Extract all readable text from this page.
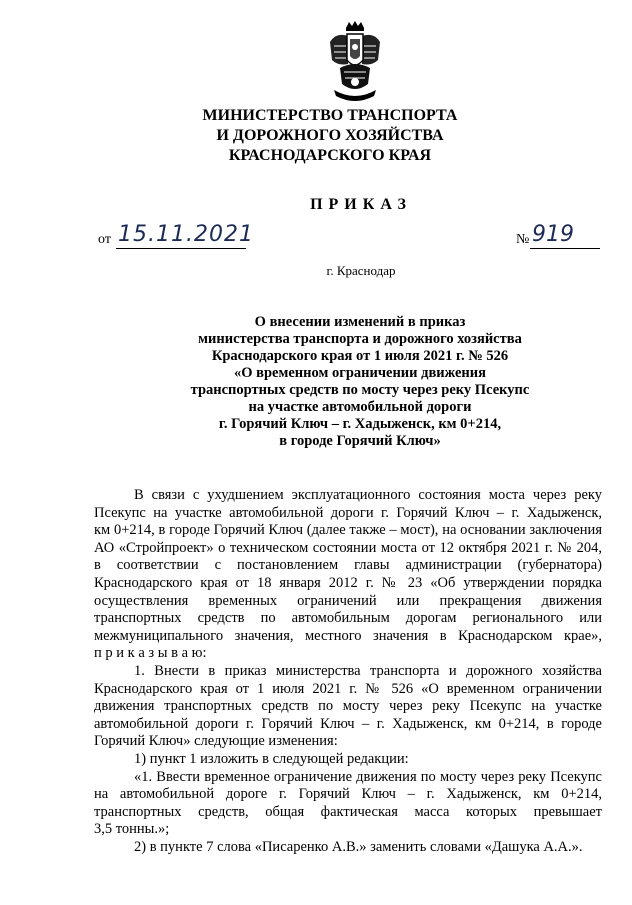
МИНИСТЕРСТВО ТРАНСПОРТА
И ДОРОЖНОГО ХОЗЯЙСТВА
КРАСНОДАРСКОГО КРАЯ
ПРИКАЗ
от 15.11.2021	№ 919
г. Краснодар
О внесении изменений в приказ
министерства транспорта и дорожного хозяйства
Краснодарского края от 1 июля 2021 г. № 526
«О временном ограничении движения
транспортных средств по мосту через реку Псекупс
на участке автомобильной дороги
г. Горячий Ключ – г. Хадыженск, км 0+214,
в городе Горячий Ключ»
В связи с ухудшением эксплуатационного состояния моста через реку
Псекупс на участке автомобильной дороги г. Горячий Ключ – г. Хадыженск,
км 0+214, в городе Горячий Ключ (далее также – мост), на основании заключения
АО «Стройпроект» о техническом состоянии моста от 12 октября 2021 г. № 204,
в соответствии с постановлением главы администрации (губернатора)
Краснодарского края от 18 января 2012 г. № 23 «Об утверждении порядка
осуществления временных ограничений или прекращения движения
транспортных средств по автомобильным дорогам регионального или
межмуниципального значения, местного значения в Краснодарском крае»,
п р и к а з ы в а ю:
1. Внести в приказ министерства транспорта и дорожного хозяйства
Краснодарского края от 1 июля 2021 г. № 526 «О временном ограничении
движения транспортных средств по мосту через реку Псекупс на участке
автомобильной дороги г. Горячий Ключ – г. Хадыженск, км 0+214, в городе
Горячий Ключ» следующие изменения:
1) пункт 1 изложить в следующей редакции:
«1. Ввести временное ограничение движения по мосту через реку Псекупс
на автомобильной дороге г. Горячий Ключ – г. Хадыженск, км 0+214,
транспортных средств, общая фактическая масса которых превышает
3,5 тонны.»;
2) в пункте 7 слова «Писаренко А.В.» заменить словами «Дашука А.А.».
